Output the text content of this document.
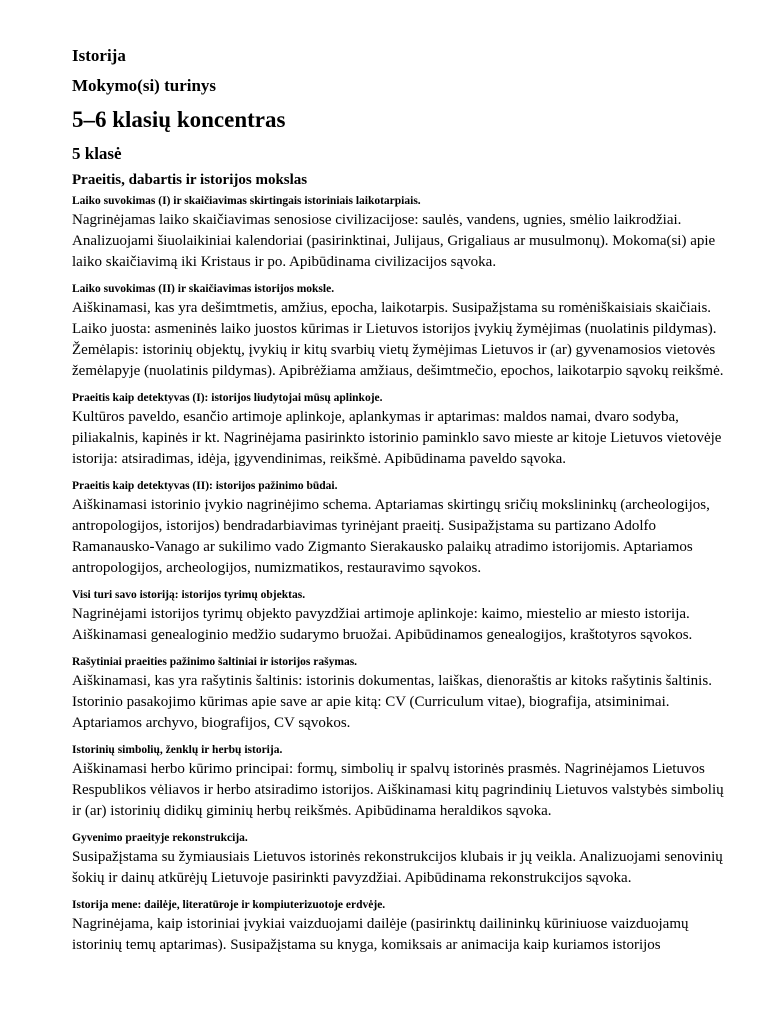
Istorija
Mokymo(si) turinys
5–6 klasių koncentras
5 klasė
Praeitis, dabartis ir istorijos mokslas
Laiko suvokimas (I) ir skaičiavimas skirtingais istoriniais laikotarpiais.
Nagrinėjamas laiko skaičiavimas senosiose civilizacijose: saulės, vandens, ugnies, smėlio laikrodžiai.
Analizuojami šiuolaikiniai kalendoriai (pasirinktinai, Julijaus, Grigaliaus ar musulmonų). Mokoma(si) apie
laiko skaičiavimą iki Kristaus ir po. Apibūdinama civilizacijos sąvoka.
Laiko suvokimas (II) ir skaičiavimas istorijos moksle.
Aiškinamasi, kas yra dešimtmetis, amžius, epocha, laikotarpis. Susipažįstama su romėniškaisiais skaičiais.
Laiko juosta: asmeninės laiko juostos kūrimas ir Lietuvos istorijos įvykių žymėjimas (nuolatinis pildymas).
Žemėlapis: istorinių objektų, įvykių ir kitų svarbių vietų žymėjimas Lietuvos ir (ar) gyvenamosios vietovės
žemėlapyje (nuolatinis pildymas). Apibrėžiama amžiaus, dešimtmečio, epochos, laikotarpio sąvokų reikšmė.
Praeitis kaip detektyvas (I): istorijos liudytojai mūsų aplinkoje.
Kultūros paveldo, esančio artimoje aplinkoje, aplankymas ir aptarimas: maldos namai, dvaro sodyba,
piliakalnis, kapinės ir kt. Nagrinėjama pasirinkto istorinio paminklo savo mieste ar kitoje Lietuvos vietovėje
istorija: atsiradimas, idėja, įgyvendinimas, reikšmė. Apibūdinama paveldo sąvoka.
Praeitis kaip detektyvas (II): istorijos pažinimo būdai.
Aiškinamasi istorinio įvykio nagrinėjimo schema. Aptariamas skirtingų sričių mokslininkų (archeologijos,
antropologijos, istorijos) bendradarbiavimas tyrinėjant praeitį. Susipažįstama su partizano Adolfo
Ramanausko-Vanago ar sukilimo vado Zigmanto Sierakausko palaikų atradimo istorijomis. Aptariamos
antropologijos, archeologijos, numizmatikos, restauravimo sąvokos.
Visi turi savo istoriją: istorijos tyrimų objektas.
Nagrinėjami istorijos tyrimų objekto pavyzdžiai artimoje aplinkoje: kaimo, miestelio ar miesto istorija.
Aiškinamasi genealoginio medžio sudarymo bruožai. Apibūdinamos genealogijos, kraštotyros sąvokos.
Rašytiniai praeities pažinimo šaltiniai ir istorijos rašymas.
Aiškinamasi, kas yra rašytinis šaltinis: istorinis dokumentas, laiškas, dienoraštis ar kitoks rašytinis šaltinis.
Istorinio pasakojimo kūrimas apie save ar apie kitą: CV (Curriculum vitae), biografija, atsiminimai.
Aptariamos archyvo, biografijos, CV sąvokos.
Istorinių simbolių, ženklų ir herbų istorija.
Aiškinamasi herbo kūrimo principai: formų, simbolių ir spalvų istorinės prasmės. Nagrinėjamos Lietuvos
Respublikos vėliavos ir herbo atsiradimo istorijos. Aiškinamasi kitų pagrindinių Lietuvos valstybės simbolių
ir (ar) istorinių didikų giminių herbų reikšmės. Apibūdinama heraldikos sąvoka.
Gyvenimo praeityje rekonstrukcija.
Susipažįstama su žymiausiais Lietuvos istorinės rekonstrukcijos klubais ir jų veikla. Analizuojami senovinių
šokių ir dainų atkūrėjų Lietuvoje pasirinkti pavyzdžiai. Apibūdinama rekonstrukcijos sąvoka.
Istorija mene: dailėje, literatūroje ir kompiuterizuotoje erdvėje.
Nagrinėjama, kaip istoriniai įvykiai vaizduojami dailėje (pasirinktų dailininkų kūriniuose vaizduojamų
istorinių temų aptarimas). Susipažįstama su knyga, komiksais ar animacija kaip kuriamos istorijos
